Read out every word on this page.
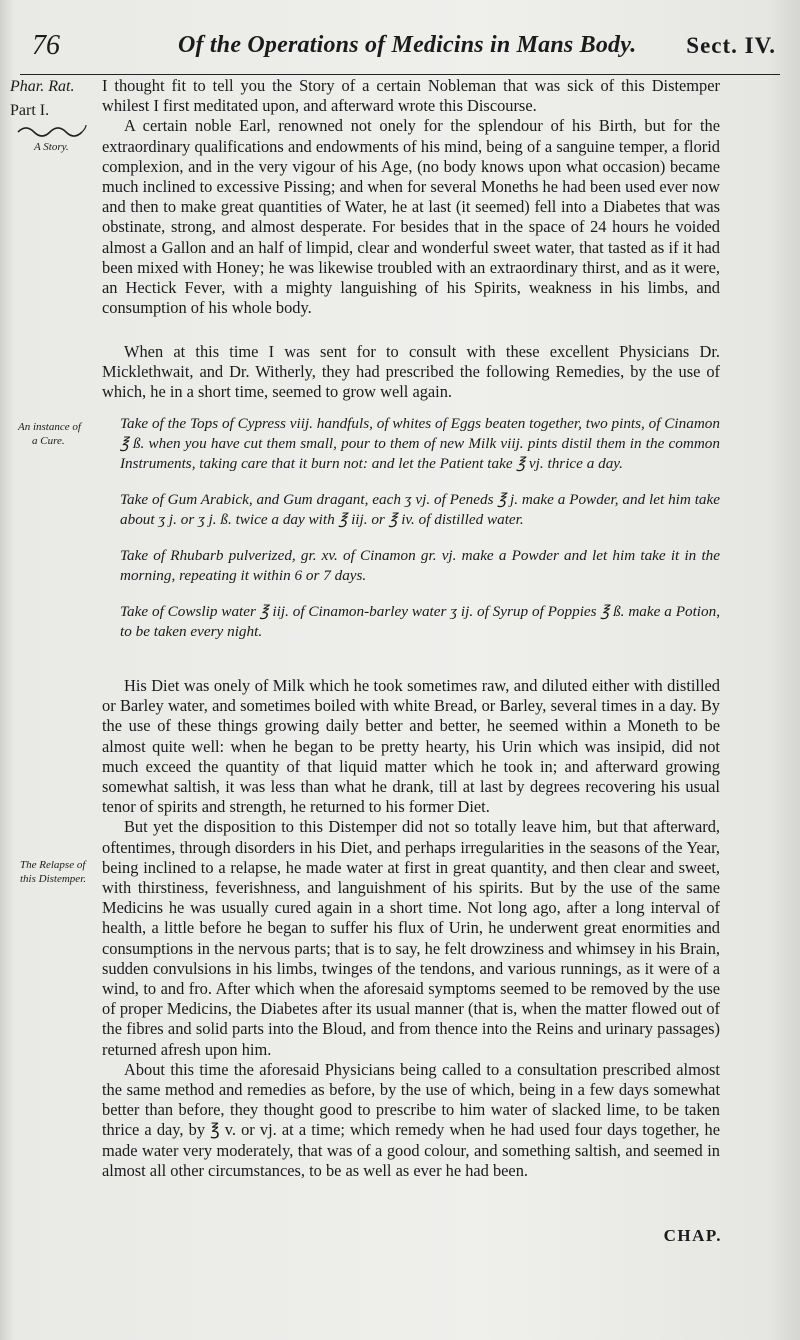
76	Of the Operations of Medicins in Mans Body. Sect. IV.
Phar. Rat.
Part I.
A Story.
An instance of
a Cure.
The Relapse of
this Distemper.

I thought fit to tell you the Story of a certain Nobleman that was sick of this Distemper whilest I first meditated upon, and afterward wrote this Discourse.

A certain noble Earl, renowned not onely for the splendour of his Birth, but for the extraordinary qualifications and endowments of his mind, being of a sanguine temper, a florid complexion, and in the very vigour of his Age, (no body knows upon what occasion) became much inclined to excessive Pissing; and when for several Moneths he had been used ever now and then to make great quantities of Water, he at last (it seemed) fell into a Diabetes that was obstinate, strong, and almost desperate. For besides that in the space of 24 hours he voided almost a Gallon and an half of limpid, clear and wonderful sweet water, that tasted as if it had been mixed with Honey; he was likewise troubled with an extraordinary thirst, and as it were, an Hectick Fever, with a mighty languishing of his Spirits, weakness in his limbs, and consumption of his whole body.

When at this time I was sent for to consult with these excellent Physicians Dr. Micklethwait, and Dr. Witherly, they had prescribed the following Remedies, by the use of which, he in a short time, seemed to grow well again.

Take of the Tops of Cypress viij. handfuls, of whites of Eggs beaten together, two pints, of Cinamon ℥ ß. when you have cut them small, pour to them of new Milk viij. pints distil them in the common Instruments, taking care that it burn not: and let the Patient take ℥ vj. thrice a day.

Take of Gum Arabick, and Gum dragant, each ʒ vj. of Peneds ℥ j. make a Powder, and let him take about ʒ j. or ʒ j. ß. twice a day with ℥ iij. or ℥ iv. of distilled water.

Take of Rhubarb pulverized, gr. xv. of Cinamon gr. vj. make a Powder and let him take it in the morning, repeating it within 6 or 7 days.

Take of Cowslip water ℥ iij. of Cinamon-barley water ʒ ij. of Syrup of Poppies ℥ ß. make a Potion, to be taken every night.

His Diet was onely of Milk which he took sometimes raw, and diluted either with distilled or Barley water, and sometimes boiled with white Bread, or Barley, several times in a day. By the use of these things growing daily better and better, he seemed within a Moneth to be almost quite well: when he began to be pretty hearty, his Urin which was insipid, did not much exceed the quantity of that liquid matter which he took in; and afterward growing somewhat saltish, it was less than what he drank, till at last by degrees recovering his usual tenor of spirits and strength, he returned to his former Diet.

But yet the disposition to this Distemper did not so totally leave him, but that afterward, oftentimes, through disorders in his Diet, and perhaps irregularities in the seasons of the Year, being inclined to a relapse, he made water at first in great quantity, and then clear and sweet, with thirstiness, feverishness, and languishment of his spirits. But by the use of the same Medicins he was usually cured again in a short time. Not long ago, after a long interval of health, a little before he began to suffer his flux of Urin, he underwent great enormities and consumptions in the nervous parts; that is to say, he felt drowziness and whimsey in his Brain, sudden convulsions in his limbs, twinges of the tendons, and various runnings, as it were of a wind, to and fro. After which when the aforesaid symptoms seemed to be removed by the use of proper Medicins, the Diabetes after its usual manner (that is, when the matter flowed out of the fibres and solid parts into the Bloud, and from thence into the Reins and urinary passages) returned afresh upon him.

About this time the aforesaid Physicians being called to a consultation prescribed almost the same method and remedies as before, by the use of which, being in a few days somewhat better than before, they thought good to prescribe to him water of slacked lime, to be taken thrice a day, by ℥ v. or vj. at a time; which remedy when he had used four days together, he made water very moderately, that was of a good colour, and something saltish, and seemed in almost all other circumstances, to be as well as ever he had been.

CHAP.
